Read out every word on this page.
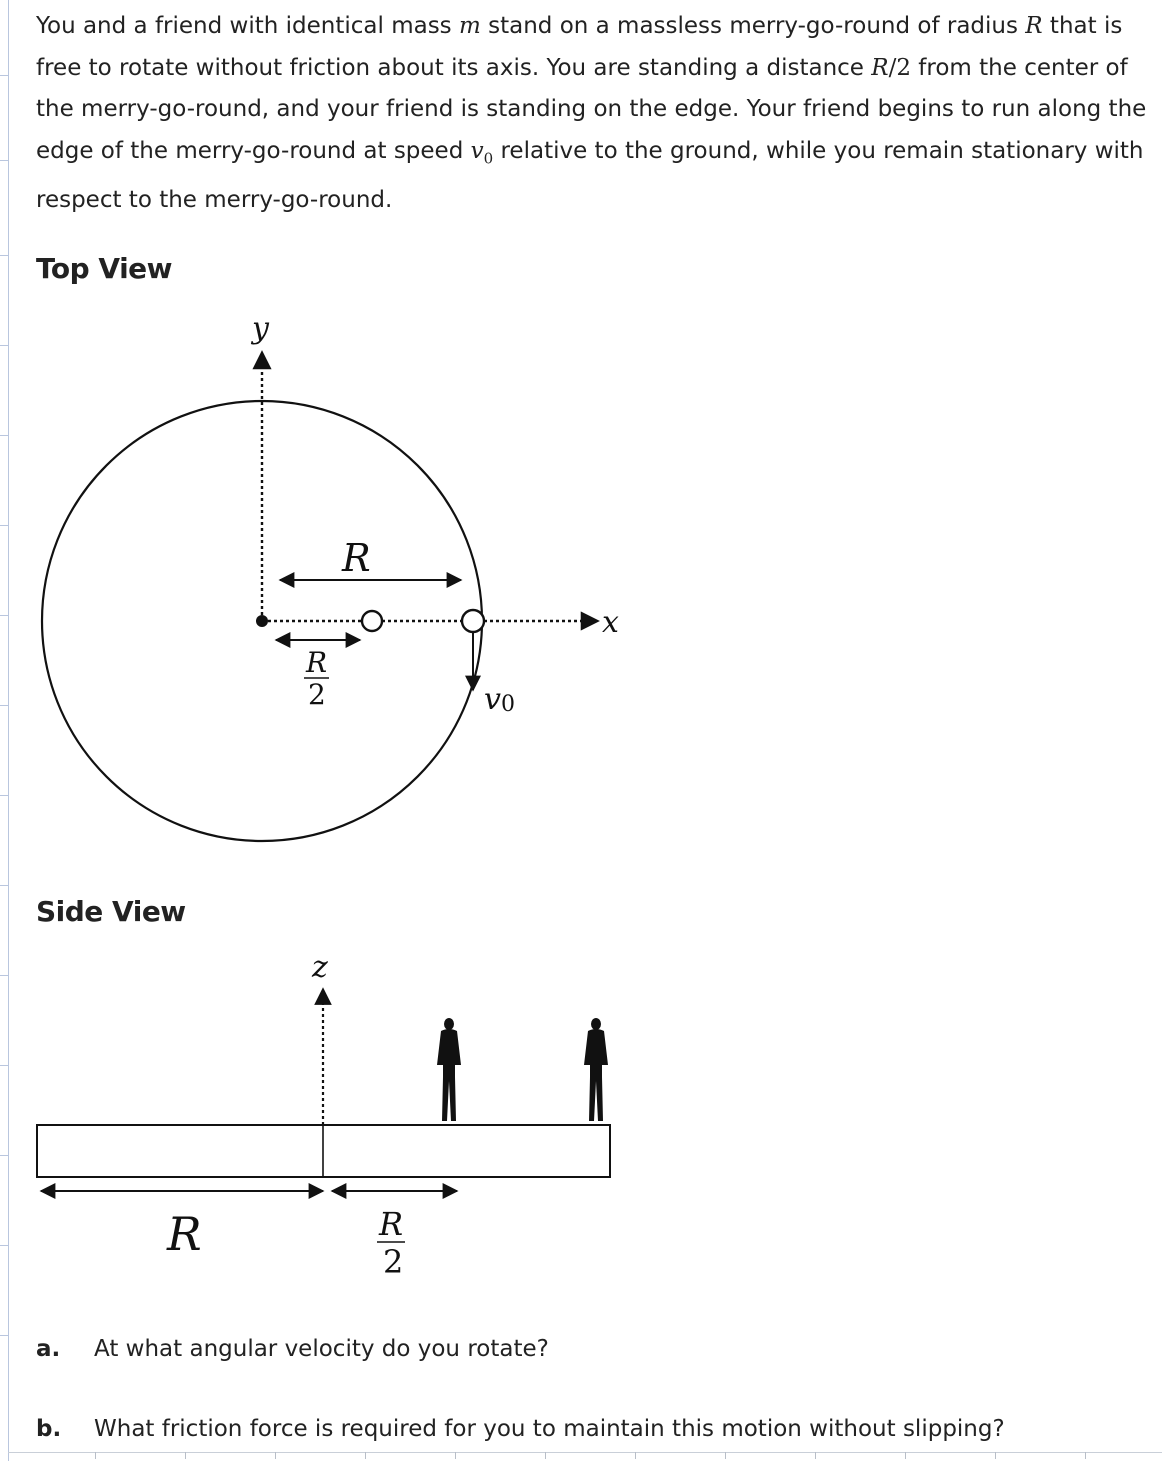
You and a friend with identical mass m stand on a massless merry-go-round of radius R that is free to rotate without friction about its axis. You are standing a distance R/2 from the center of the merry-go-round, and your friend is standing on the edge. Your friend begins to run along the edge of the merry-go-round at speed $v_0$ relative to the ground, while you remain stationary with respect to the merry-go-round.

Top View
y
x
R
R
2	v0
Side View
z
R	R
2
a. At what angular velocity do you rotate?
b. What friction force is required for you to maintain this motion without slipping?
